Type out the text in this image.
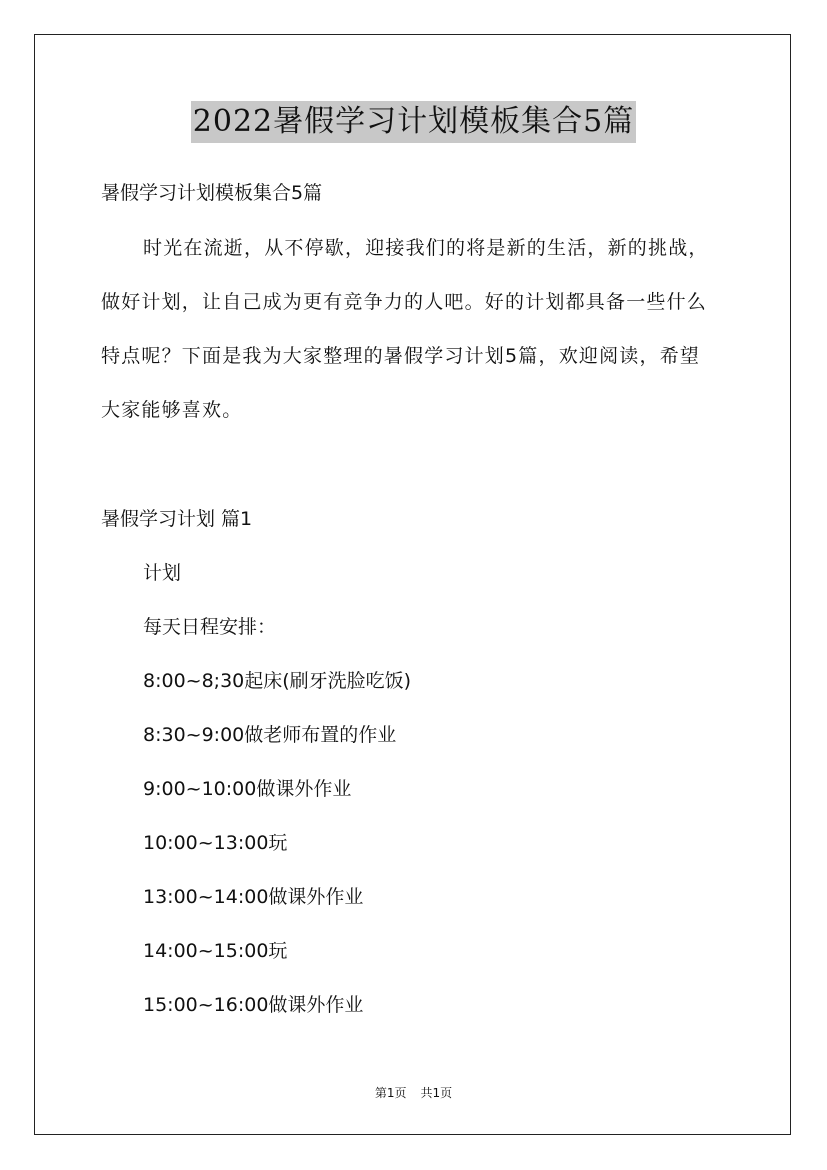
2022暑假学习计划模板集合5篇
暑假学习计划模板集合5篇
时光在流逝，从不停歇，迎接我们的将是新的生活，新的挑战，
做好计划，让自己成为更有竞争力的人吧。好的计划都具备一些什么
特点呢？下面是我为大家整理的暑假学习计划5篇，欢迎阅读，希望
大家能够喜欢。
暑假学习计划 篇1
计划
每天日程安排：
8:00~8;30起床(刷牙洗脸吃饭)
8:30~9:00做老师布置的作业
9:00~10:00做课外作业
10:00~13:00玩
13:00~14:00做课外作业
14:00~15:00玩
15:00~16:00做课外作业
第1页 共1页
